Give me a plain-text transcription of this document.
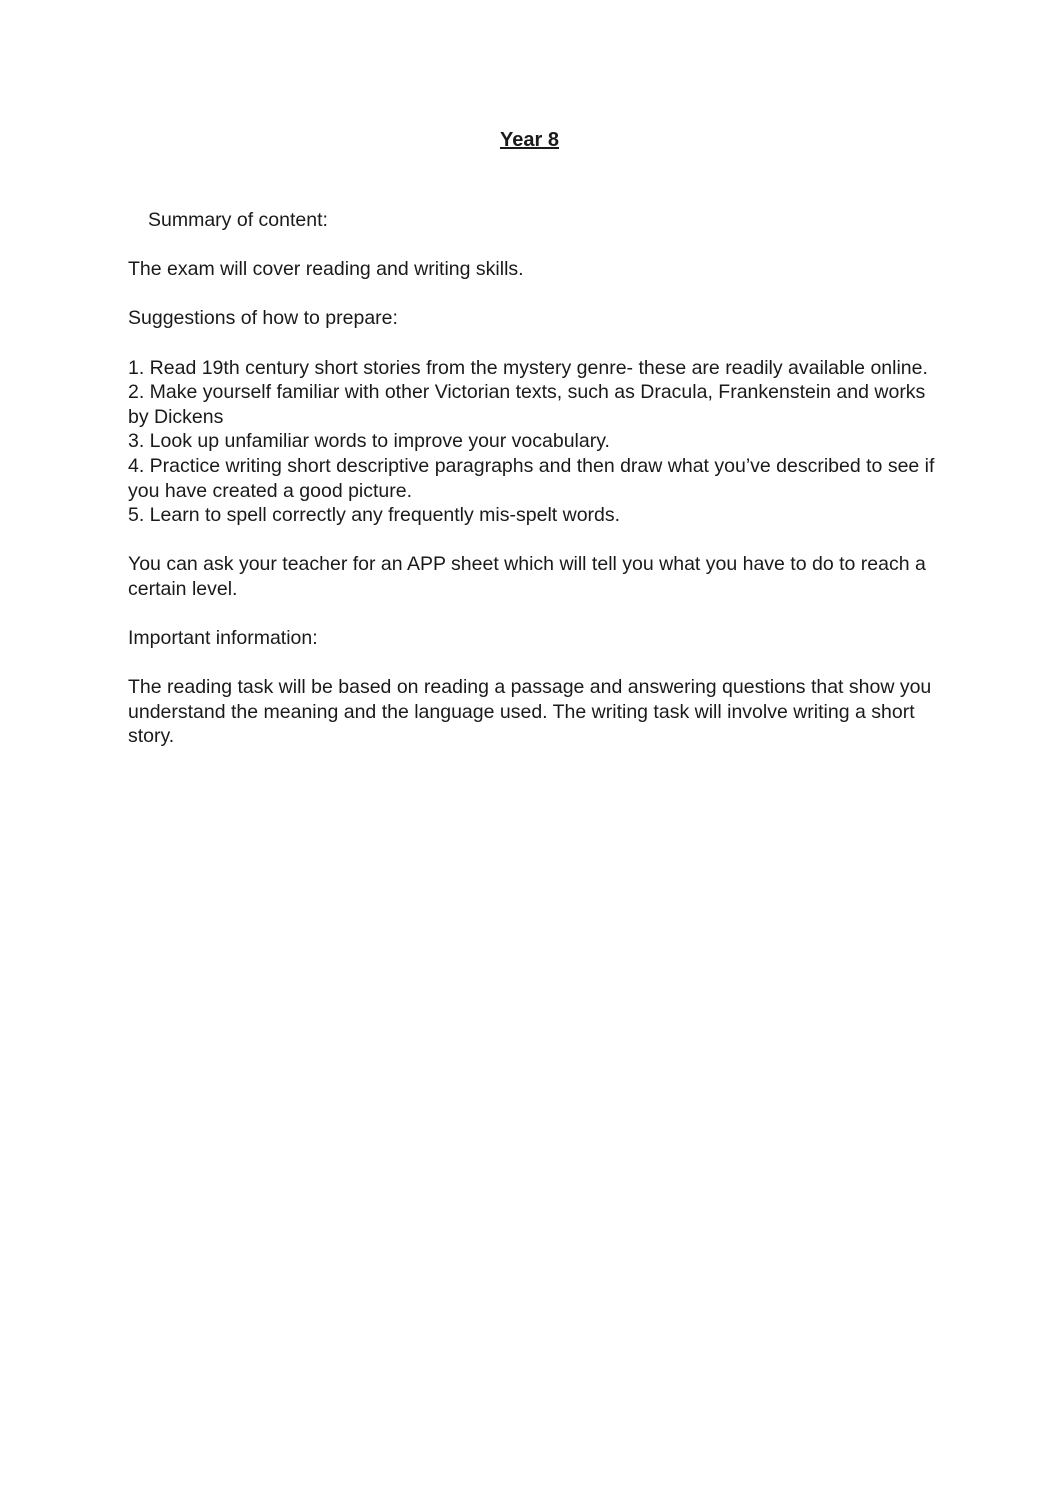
Year 8

Summary of content:

The exam will cover reading and writing skills.

Suggestions of how to prepare:

1. Read 19th century short stories from the mystery genre- these are readily available online.
2. Make yourself familiar with other Victorian texts, such as Dracula, Frankenstein and works by Dickens
3. Look up unfamiliar words to improve your vocabulary.
4. Practice writing short descriptive paragraphs and then draw what you’ve described to see if you have created a good picture.
5. Learn to spell correctly any frequently mis-spelt words.

You can ask your teacher for an APP sheet which will tell you what you have to do to reach a certain level.

Important information:

The reading task will be based on reading a passage and answering questions that show you understand the meaning and the language used. The writing task will involve writing a short story.
